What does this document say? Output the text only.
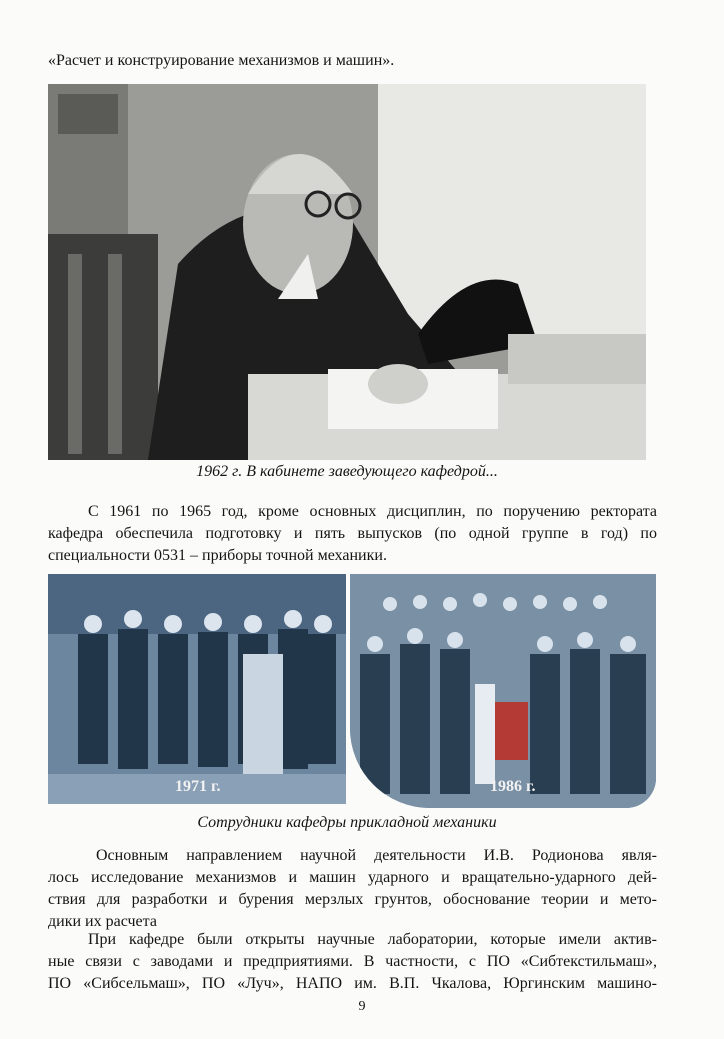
«Расчет и конструирование механизмов и машин».

1962 г. В кабинете заведующего кафедрой...

С 1961 по 1965 год, кроме основных дисциплин, по поручению ректората
кафедра обеспечила подготовку и пять выпусков (по одной группе в год) по
специальности 0531 – приборы точной механики.

1971 г.	1986 г.

Сотрудники кафедры прикладной механики

Основным направлением научной деятельности И.В. Родионова явля-
лось исследование механизмов и машин ударного и вращательно-ударного дей-
ствия для разработки и бурения мерзлых грунтов, обоснование теории и мето-
дики их расчета

При кафедре были открыты научные лаборатории, которые имели актив-
ные связи с заводами и предприятиями. В частности, с ПО «Сибтекстильмаш»,
ПО «Сибсельмаш», ПО «Луч», НАПО им. В.П. Чкалова, Юргинским машино-

9
